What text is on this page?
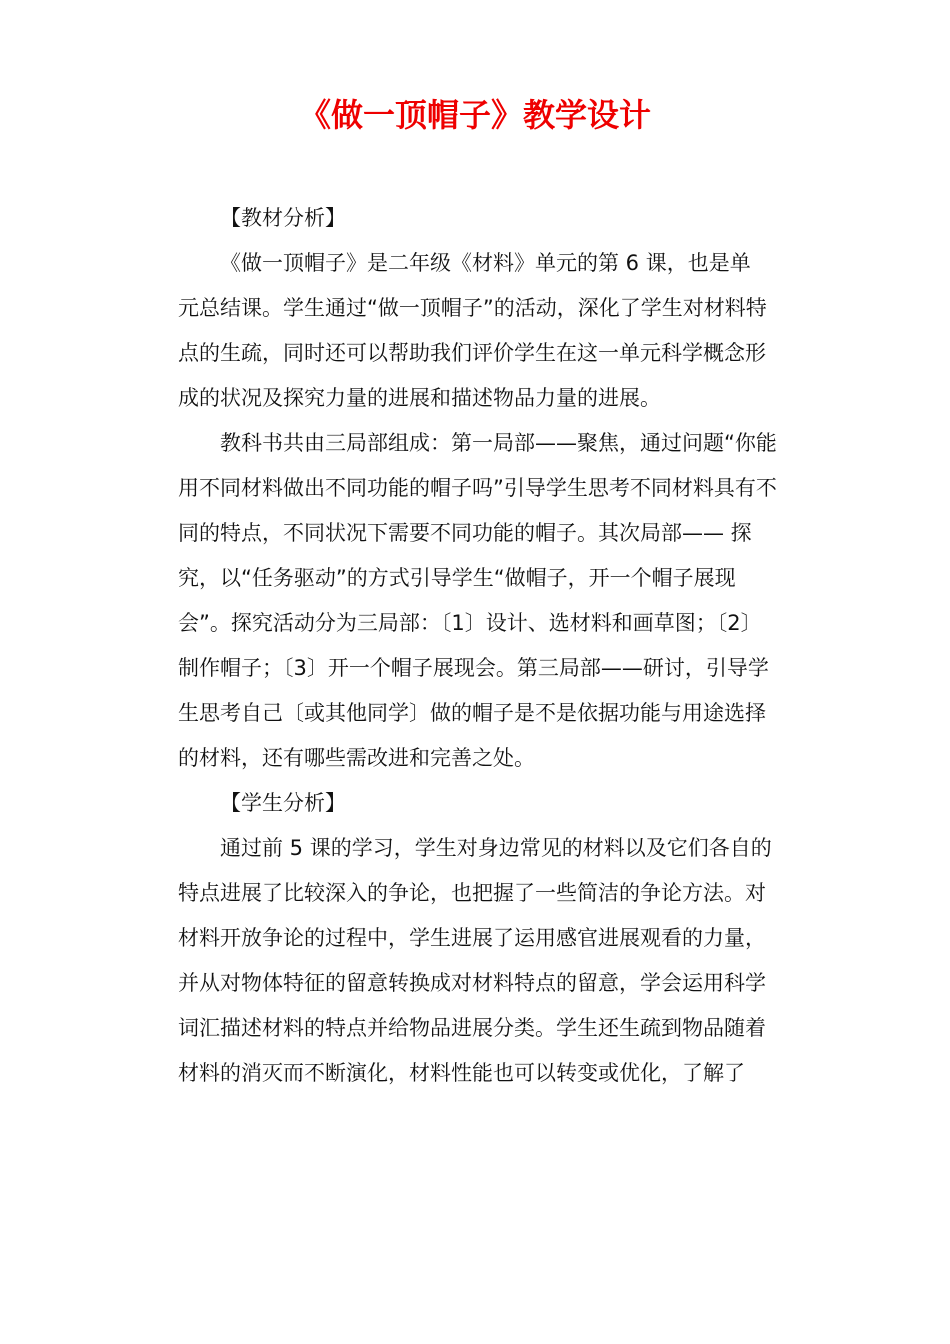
《做一顶帽子》教学设计
【教材分析】
《做一顶帽子》是二年级《材料》单元的第 6 课，也是单
元总结课。学生通过“做一顶帽子”的活动，深化了学生对材料特
点的生疏，同时还可以帮助我们评价学生在这一单元科学概念形
成的状况及探究力量的进展和描述物品力量的进展。
教科书共由三局部组成：第一局部——聚焦，通过问题“你能
用不同材料做出不同功能的帽子吗”引导学生思考不同材料具有不
同的特点，不同状况下需要不同功能的帽子。其次局部—— 探
究，以“任务驱动”的方式引导学生“做帽子，开一个帽子展现
会”。探究活动分为三局部：〔1〕设计、选材料和画草图；〔2〕
制作帽子；〔3〕开一个帽子展现会。第三局部——研讨，引导学
生思考自己〔或其他同学〕做的帽子是不是依据功能与用途选择
的材料，还有哪些需改进和完善之处。
【学生分析】
通过前 5 课的学习，学生对身边常见的材料以及它们各自的
特点进展了比较深入的争论，也把握了一些简洁的争论方法。对
材料开放争论的过程中，学生进展了运用感官进展观看的力量，
并从对物体特征的留意转换成对材料特点的留意，学会运用科学
词汇描述材料的特点并给物品进展分类。学生还生疏到物品随着
材料的消灭而不断演化，材料性能也可以转变或优化，了解了
